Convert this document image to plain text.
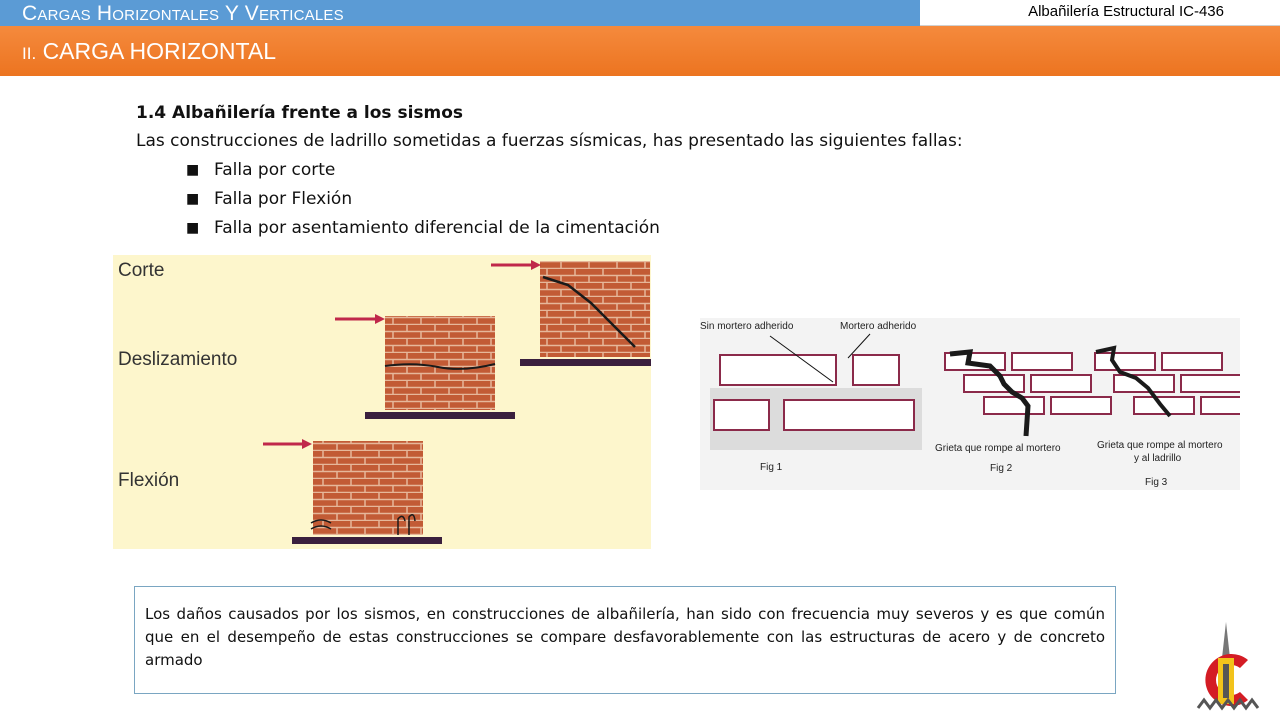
Cargas Horizontales Y Verticales	Albañilería Estructural IC-436
II. CARGA HORIZONTAL

1.4 Albañilería frente a los sismos

Las construcciones de ladrillo sometidas a fuerzas sísmicas, has presentado las siguientes fallas:

■ Falla por corte
■ Falla por Flexión
■ Falla por asentamiento diferencial de la cimentación
Corte
Deslizamiento
Flexión
Sin mortero adherido	Mortero adherido
Fig 1
Grieta que rompe al mortero
Fig 2
Grieta que rompe al mortero
y al ladrillo
Fig 3
Los daños causados por los sismos, en construcciones de albañilería, han sido con frecuencia muy severos y es que común que en el desempeño de estas construcciones se compare desfavorablemente con las estructuras de acero y de concreto armado
